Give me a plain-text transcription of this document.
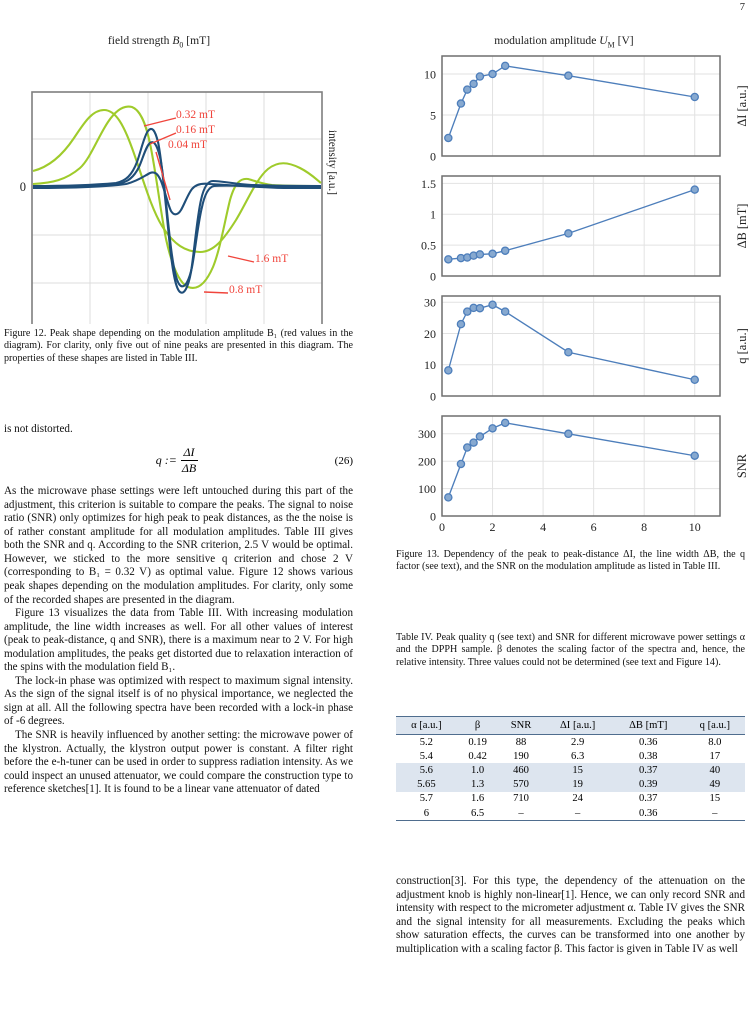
7
field strength $B_0$ [mT]
0
0.32 mT
0.16 mT
0.04 mT
1.6 mT
0.8 mT
intensity [a.u.]

Figure 12. Peak shape depending on the modulation amplitude B₁ (red values in the diagram). For clarity, only five out of nine peaks are presented in this diagram. The properties of these shapes are listed in Table III.

is not distorted.

q := $\frac{\Delta I}{\Delta B}$	(26)

As the microwave phase settings were left untouched during this part of the adjustment, this criterion is suitable to compare the peaks. The signal to noise ratio (SNR) only optimizes for high peak to peak distances, as the the noise is of rather constant amplitude for all modulation amplitudes. Table III gives both the SNR and q. According to the SNR criterion, 2.5 V would be optimal. However, we sticked to the more sensitive q criterion and chose 2 V (corresponding to B₁ = 0.32 V) as optimal value. Figure 12 shows various peak shapes depending on the modulation amplitudes. For clarity, only some of the recorded shapes are presented in the diagram.

Figure 13 visualizes the data from Table III. With increasing modulation amplitude, the line width increases as well. For all other values of interest (peak to peak-distance, q and SNR), there is a maximum near to 2 V. For high modulation amplitudes, the peaks get distorted due to relaxation interaction of the spins with the modulation field B₁.

The lock-in phase was optimized with respect to maximum signal intensity. As the sign of the signal itself is of no physical importance, we neglected the sign at all. All the following spectra have been recorded with a lock-in phase of -6 degrees.

The SNR is heavily influenced by another setting: the microwave power of the klystron. Actually, the klystron output power is constant. A filter right before the e-h-tuner can be used in order to suppress radiation intensity. As we could inspect an unused attenuator, we could compare the construction type to reference sketches[1]. It is found to be a linear vane attenuator of dated

modulation amplitude $U_M$ [V]
0
5
10
ΔI [a.u.]
0
0.5
1
1.5
ΔB [mT]
0
10
20
30
q [a.u.]
0
100
200
300
SNR
0	2	4	6	8	10

Figure 13. Dependency of the peak to peak-distance ΔI, the line width ΔB, the q factor (see text), and the SNR on the modulation amplitude as listed in Table III.

Table IV. Peak quality q (see text) and SNR for different microwave power settings α and the DPPH sample. β denotes the scaling factor of the spectra and, hence, the relative intensity. Three values could not be determined (see text and Figure 14).

α [a.u.]	β	SNR	ΔI [a.u.]	ΔB [mT]	q [a.u.]
5.2	0.19	88	2.9	0.36	8.0
5.4	0.42	190	6.3	0.38	17
5.6	1.0	460	15	0.37	40
5.65	1.3	570	19	0.39	49
5.7	1.6	710	24	0.37	15
6	6.5	–	–	0.36	–

construction[3]. For this type, the dependency of the attenuation on the adjustment knob is highly non-linear[1]. Hence, we can only record SNR and intensity with respect to the micrometer adjustment α. Table IV gives the SNR and the signal intensity for all measurements. Excluding the peaks which show saturation effects, the curves can be transformed into one another by multiplication with a scaling factor β. This factor is given in Table IV as well
